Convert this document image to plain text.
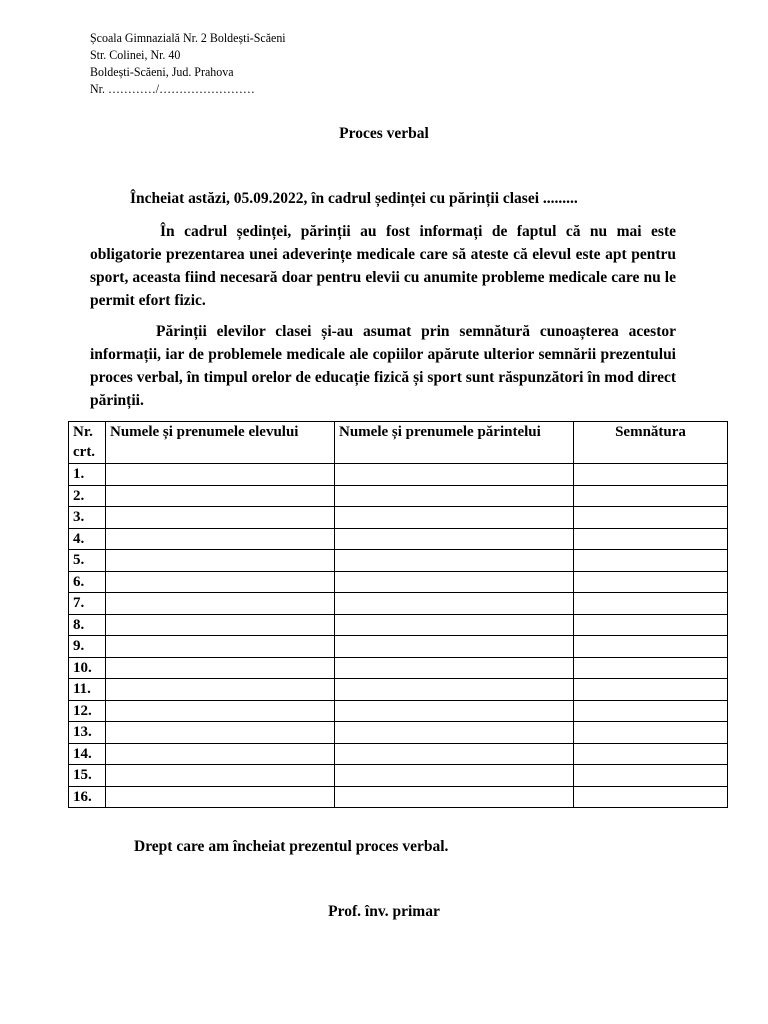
Școala Gimnazială Nr. 2 Boldești-Scăeni
Str. Colinei, Nr. 40
Boldești-Scăeni, Jud. Prahova
Nr. …………/……………………
Proces verbal
Încheiat astăzi, 05.09.2022, în cadrul ședinței cu părinții clasei .........
În cadrul ședinței, părinții au fost informați de faptul că nu mai este obligatorie prezentarea unei adeverințe medicale care să ateste că elevul este apt pentru sport, aceasta fiind necesară doar pentru elevii cu anumite probleme medicale care nu le permit efort fizic.
Părinții elevilor clasei și-au asumat prin semnătură cunoașterea acestor informații, iar de problemele medicale ale copiilor apărute ulterior semnării prezentului proces verbal, în timpul orelor de educație fizică și sport sunt răspunzători în mod direct părinții.
Nr. crt.	Numele și prenumele elevului	Numele și prenumele părintelui	Semnătura
1.			
2.			
3.			
4.			
5.			
6.			
7.			
8.			
9.			
10.			
11.			
12.			
13.			
14.			
15.			
16.			
Drept care am încheiat prezentul proces verbal.
Prof. înv. primar
